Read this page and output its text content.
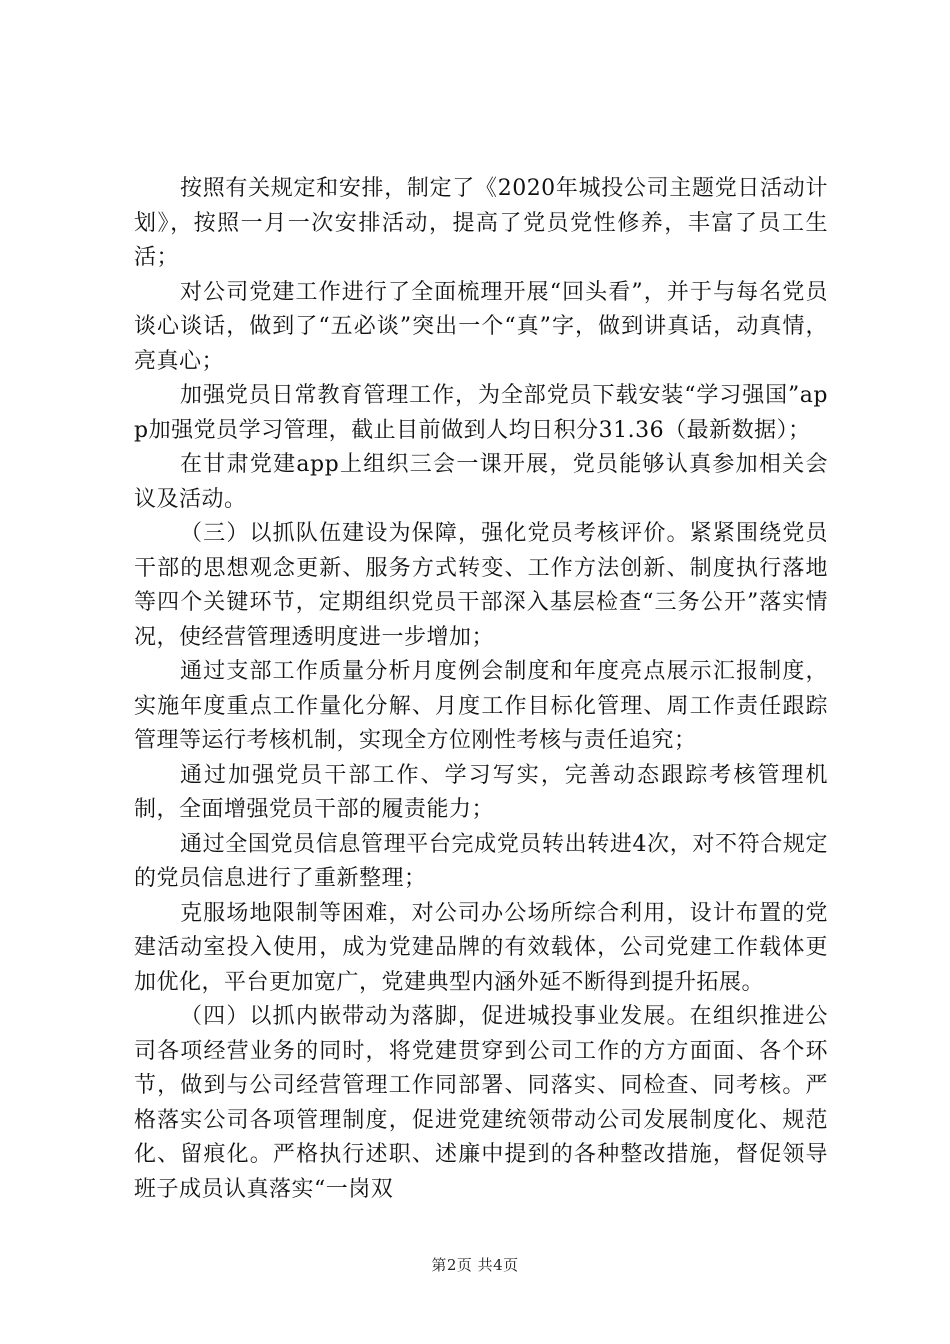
按照有关规定和安排，制定了《2020年城投公司主题党日活动计划》，按照一月一次安排活动，提高了党员党性修养，丰富了员工生活；

对公司党建工作进行了全面梳理开展“回头看”，并于与每名党员谈心谈话，做到了“五必谈”突出一个“真”字，做到讲真话，动真情，亮真心；

加强党员日常教育管理工作，为全部党员下载安装“学习强国”app加强党员学习管理，截止目前做到人均日积分31.36（最新数据）；

在甘肃党建app上组织三会一课开展，党员能够认真参加相关会议及活动。

（三）以抓队伍建设为保障，强化党员考核评价。紧紧围绕党员干部的思想观念更新、服务方式转变、工作方法创新、制度执行落地等四个关键环节，定期组织党员干部深入基层检查“三务公开”落实情况，使经营管理透明度进一步增加；

通过支部工作质量分析月度例会制度和年度亮点展示汇报制度，实施年度重点工作量化分解、月度工作目标化管理、周工作责任跟踪管理等运行考核机制，实现全方位刚性考核与责任追究；

通过加强党员干部工作、学习写实，完善动态跟踪考核管理机制，全面增强党员干部的履责能力；

通过全国党员信息管理平台完成党员转出转进4次，对不符合规定的党员信息进行了重新整理；

克服场地限制等困难，对公司办公场所综合利用，设计布置的党建活动室投入使用，成为党建品牌的有效载体，公司党建工作载体更加优化，平台更加宽广，党建典型内涵外延不断得到提升拓展。

（四）以抓内嵌带动为落脚，促进城投事业发展。在组织推进公司各项经营业务的同时，将党建贯穿到公司工作的方方面面、各个环节，做到与公司经营管理工作同部署、同落实、同检查、同考核。严格落实公司各项管理制度，促进党建统领带动公司发展制度化、规范化、留痕化。严格执行述职、述廉中提到的各种整改措施，督促领导班子成员认真落实“一岗双

第2页 共4页
